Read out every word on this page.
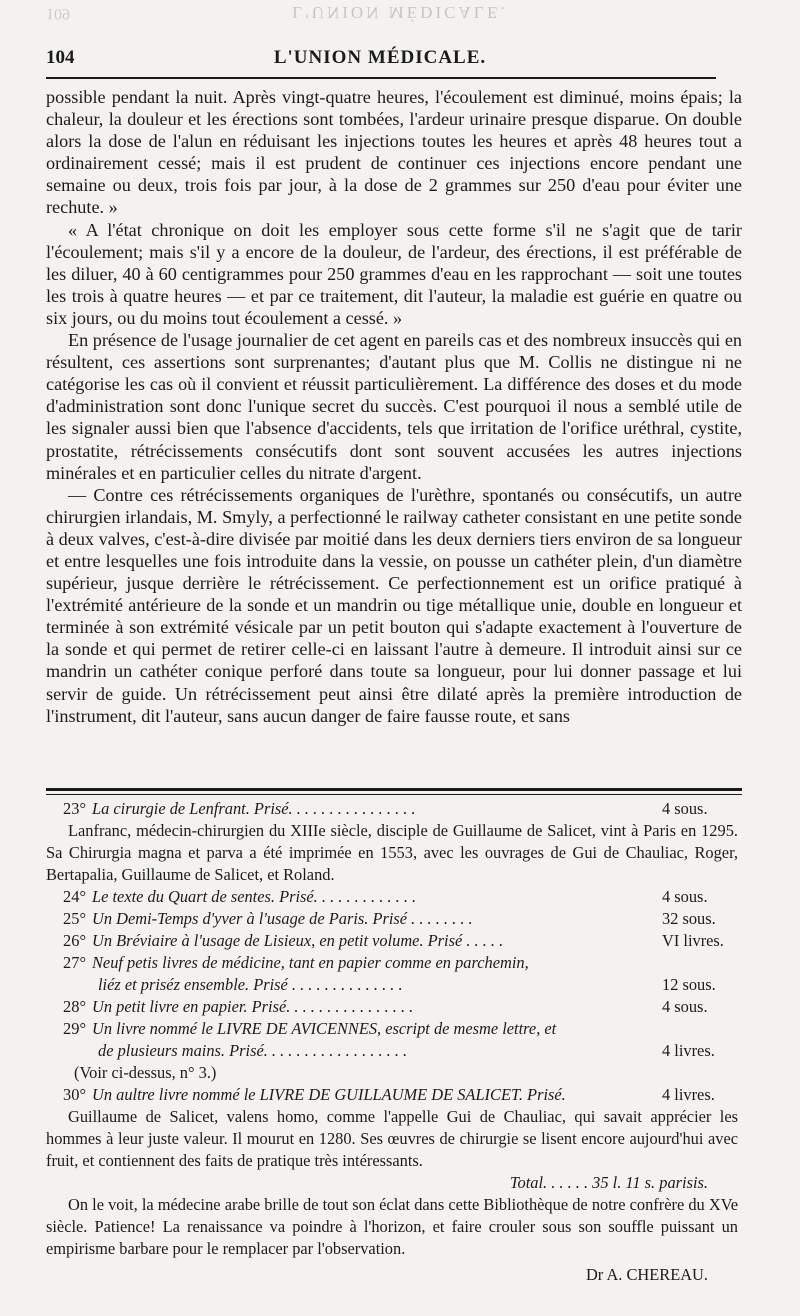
109	L'UNION MÉDICALE.
104	L'UNION MÉDICALE.

possible pendant la nuit. Après vingt-quatre heures, l'écoulement est diminué, moins épais; la chaleur, la douleur et les érections sont tombées, l'ardeur urinaire presque disparue. On double alors la dose de l'alun en réduisant les injections toutes les heures et après 48 heures tout a ordinairement cessé; mais il est prudent de continuer ces injections encore pendant une semaine ou deux, trois fois par jour, à la dose de 2 grammes sur 250 d'eau pour éviter une rechute. »

« A l'état chronique on doit les employer sous cette forme s'il ne s'agit que de tarir l'écoulement; mais s'il y a encore de la douleur, de l'ardeur, des érections, il est préférable de les diluer, 40 à 60 centigrammes pour 250 grammes d'eau en les rapprochant — soit une toutes les trois à quatre heures — et par ce traitement, dit l'auteur, la maladie est guérie en quatre ou six jours, ou du moins tout écoulement a cessé. »

En présence de l'usage journalier de cet agent en pareils cas et des nombreux insuccès qui en résultent, ces assertions sont surprenantes; d'autant plus que M. Collis ne distingue ni ne catégorise les cas où il convient et réussit particulièrement. La différence des doses et du mode d'administration sont donc l'unique secret du succès. C'est pourquoi il nous a semblé utile de les signaler aussi bien que l'absence d'accidents, tels que irritation de l'orifice uréthral, cystite, prostatite, rétrécissements consécutifs dont sont souvent accusées les autres injections minérales et en particulier celles du nitrate d'argent.

— Contre ces rétrécissements organiques de l'urèthre, spontanés ou consécutifs, un autre chirurgien irlandais, M. Smyly, a perfectionné le railway catheter consistant en une petite sonde à deux valves, c'est-à-dire divisée par moitié dans les deux derniers tiers environ de sa longueur et entre lesquelles une fois introduite dans la vessie, on pousse un cathéter plein, d'un diamètre supérieur, jusque derrière le rétrécissement. Ce perfectionnement est un orifice pratiqué à l'extrémité antérieure de la sonde et un mandrin ou tige métallique unie, double en longueur et terminée à son extrémité vésicale par un petit bouton qui s'adapte exactement à l'ouverture de la sonde et qui permet de retirer celle-ci en laissant l'autre à demeure. Il introduit ainsi sur ce mandrin un cathéter conique perforé dans toute sa longueur, pour lui donner passage et lui servir de guide. Un rétrécissement peut ainsi être dilaté après la première introduction de l'instrument, dit l'auteur, sans aucun danger de faire fausse route, et sans

23° La cirurgie de Lenfrant. Prisé. . . . . . . . . . . . . . . .	4 sous.
Lanfranc, médecin-chirurgien du XIIIe siècle, disciple de Guillaume de Salicet, vint à Paris en 1295. Sa Chirurgia magna et parva a été imprimée en 1553, avec les ouvrages de Gui de Chauliac, Roger, Bertapalia, Guillaume de Salicet, et Roland.
24° Le texte du Quart de sentes. Prisé. . . . . . . . . . . . .	4 sous.
25° Un Demi-Temps d'yver à l'usage de Paris. Prisé . . . . . . . .	32 sous.
26° Un Bréviaire à l'usage de Lisieux, en petit volume. Prisé . . . . .	VI livres.
27° Neuf petis livres de médicine, tant en papier comme en parchemin,
liéz et priséz ensemble. Prisé . . . . . . . . . . . . . .	12 sous.
28° Un petit livre en papier. Prisé. . . . . . . . . . . . . . . .	4 sous.
29° Un livre nommé le LIVRE DE AVICENNES, escript de mesme lettre, et
de plusieurs mains. Prisé. . . . . . . . . . . . . . . . . .	4 livres.
(Voir ci-dessus, n° 3.)
30° Un aultre livre nommé le LIVRE DE GUILLAUME DE SALICET. Prisé.	4 livres.
Guillaume de Salicet, valens homo, comme l'appelle Gui de Chauliac, qui savait apprécier les hommes à leur juste valeur. Il mourut en 1280. Ses œuvres de chirurgie se lisent encore aujourd'hui avec fruit, et contiennent des faits de pratique très intéressants.
Total. . . . . . 35 l. 11 s. parisis.
On le voit, la médecine arabe brille de tout son éclat dans cette Bibliothèque de notre confrère du XVe siècle. Patience! La renaissance va poindre à l'horizon, et faire crouler sous son souffle puissant un empirisme barbare pour le remplacer par l'observation.
Dr A. CHEREAU.
